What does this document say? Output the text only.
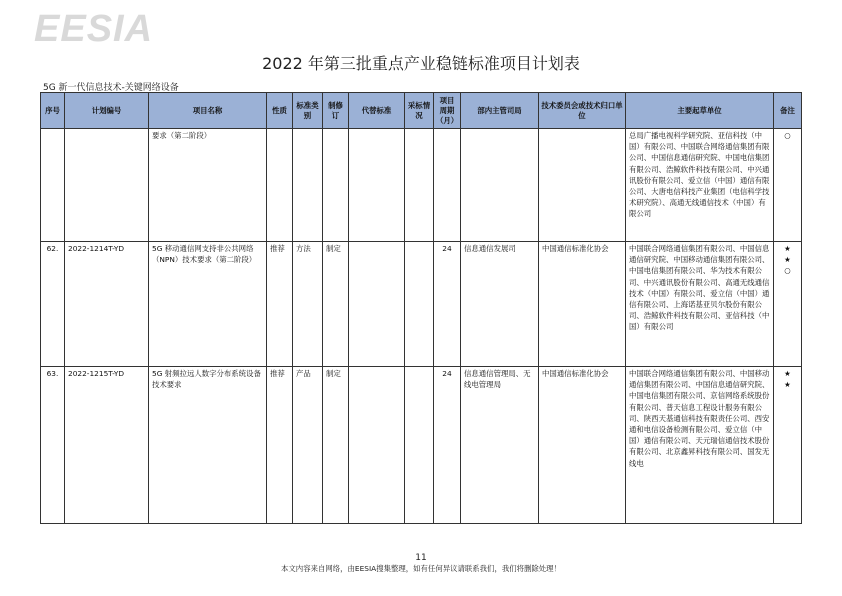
EESIA
2022 年第三批重点产业稳链标准项目计划表
5G 新一代信息技术-关键网络设备
序号	计划编号	项目名称	性质	标准类别	制修订	代替标准	采标情况	项目周期（月）	部内主管司局	技术委员会或技术归口单位	主要起草单位	备注
		要求（第二阶段）									总局广播电视科学研究院、亚信科技（中国）有限公司、中国联合网络通信集团有限公司、中国信息通信研究院、中国电信集团有限公司、浩鲸软件科技有限公司、中兴通讯股份有限公司、爱立信（中国）通信有限公司、大唐电信科技产业集团（电信科学技术研究院）、高通无线通信技术（中国）有限公司	○

62.	2022-1214T-YD	5G 移动通信网支持非公共网络（NPN）技术要求（第二阶段）	推荐	方法	制定			24	信息通信发展司	中国通信标准化协会	中国联合网络通信集团有限公司、中国信息通信研究院、中国移动通信集团有限公司、中国电信集团有限公司、华为技术有限公司、中兴通讯股份有限公司、高通无线通信技术（中国）有限公司、爱立信（中国）通信有限公司、上海诺基亚贝尔股份有限公司、浩鲸软件科技有限公司、亚信科技（中国）有限公司	★
★
○

63.	2022-1215T-YD	5G 射频拉远人数字分布系统设备技术要求	推荐	产品	制定			24	信息通信管理局、无线电管理局	中国通信标准化协会	中国联合网络通信集团有限公司、中国移动通信集团有限公司、中国信息通信研究院、中国电信集团有限公司、京信网络系统股份有限公司、普天信息工程设计服务有限公司、陕西天基通信科技有限责任公司、西安通和电信设备检测有限公司、爱立信（中国）通信有限公司、天元瑞信通信技术股份有限公司、北京鑫昇科技有限公司、国发无线电	★
★
11
本文内容来自网络，由EESIA搜集整理，如有任何异议请联系我们，我们将删除处理！
